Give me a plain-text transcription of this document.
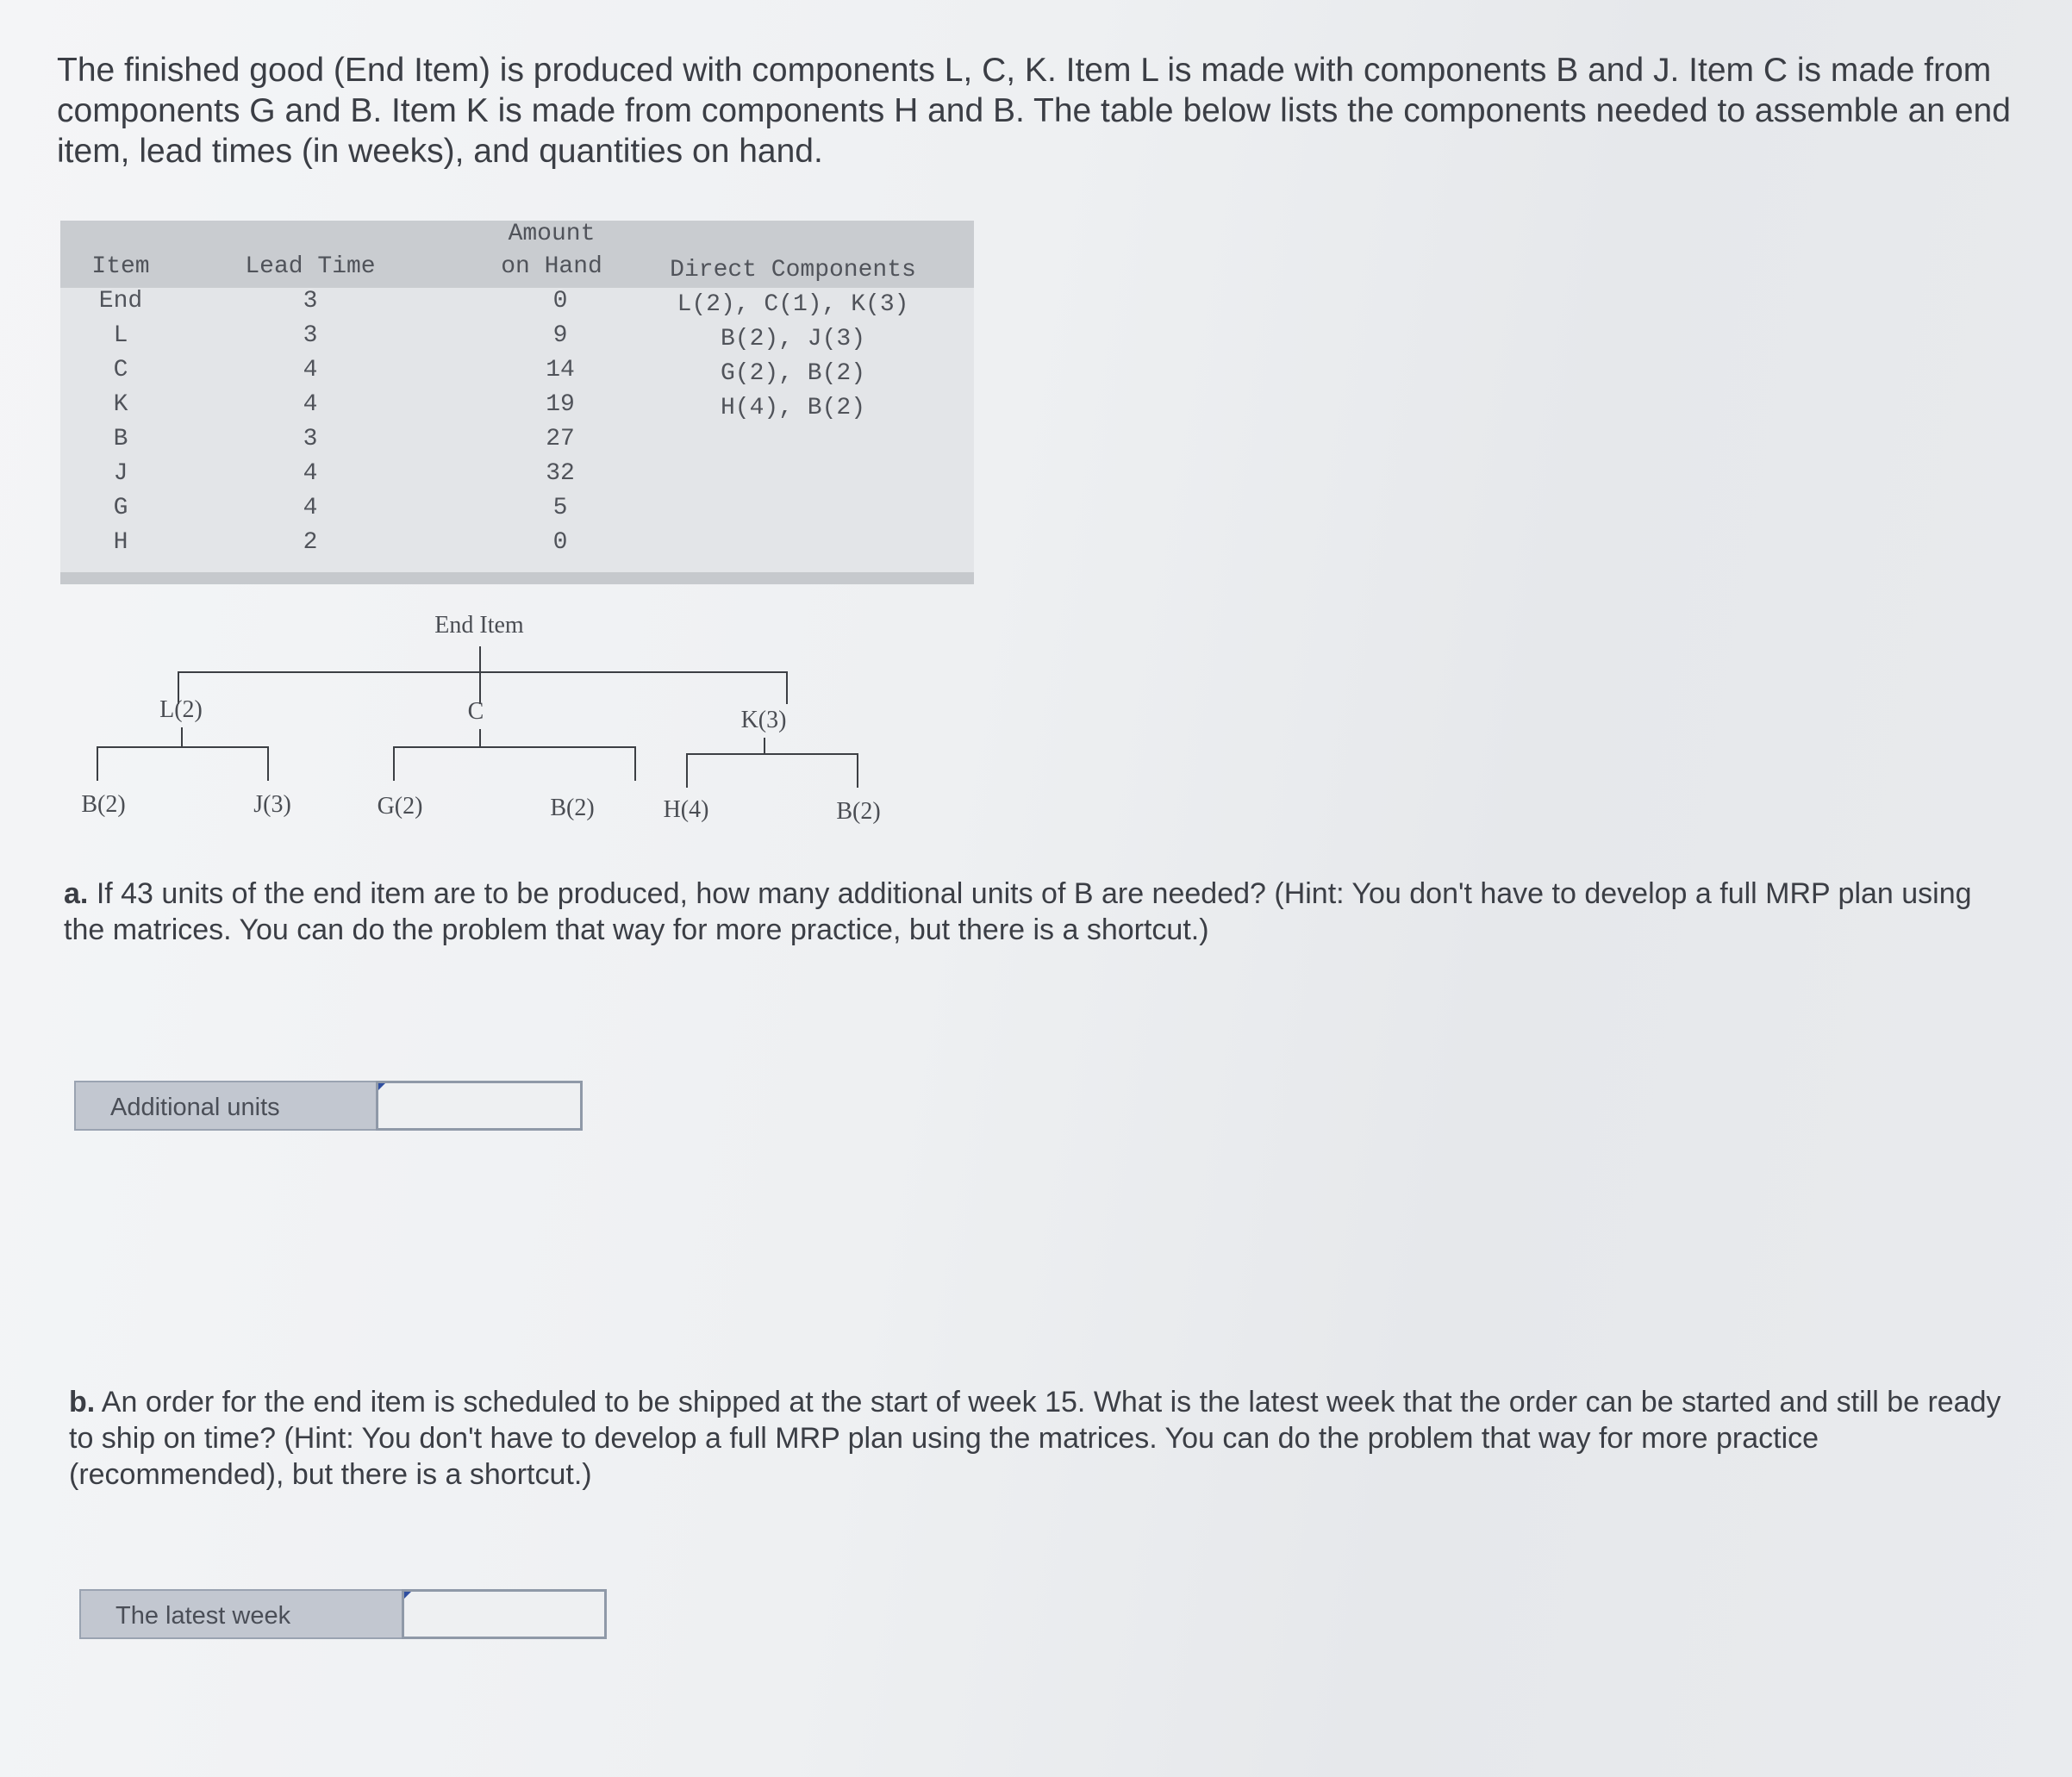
The finished good (End Item) is produced with components L, C, K. Item L is made with components B and J. Item C is made from components G and B. Item K is made from components H and B. The table below lists the components needed to assemble an end item, lead times (in weeks), and quantities on hand.

Item	Lead Time
Amount
on Hand	Direct Components
End	3	0	L(2), C(1), K(3)
L	3	9	B(2), J(3)
C	4	14	G(2), B(2)
K	4	19	H(4), B(2)
B	3	27
J	4	32
G	4	5
H	2	0
End Item
L(2)	C	K(3)
B(2)	J(3)	G(2)	B(2)	H(4)	B(2)

a. If 43 units of the end item are to be produced, how many additional units of B are needed? (Hint: You don't have to develop a full MRP plan using the matrices. You can do the problem that way for more practice, but there is a shortcut.)

Additional units

b. An order for the end item is scheduled to be shipped at the start of week 15. What is the latest week that the order can be started and still be ready to ship on time? (Hint: You don't have to develop a full MRP plan using the matrices. You can do the problem that way for more practice (recommended), but there is a shortcut.)

The latest week
